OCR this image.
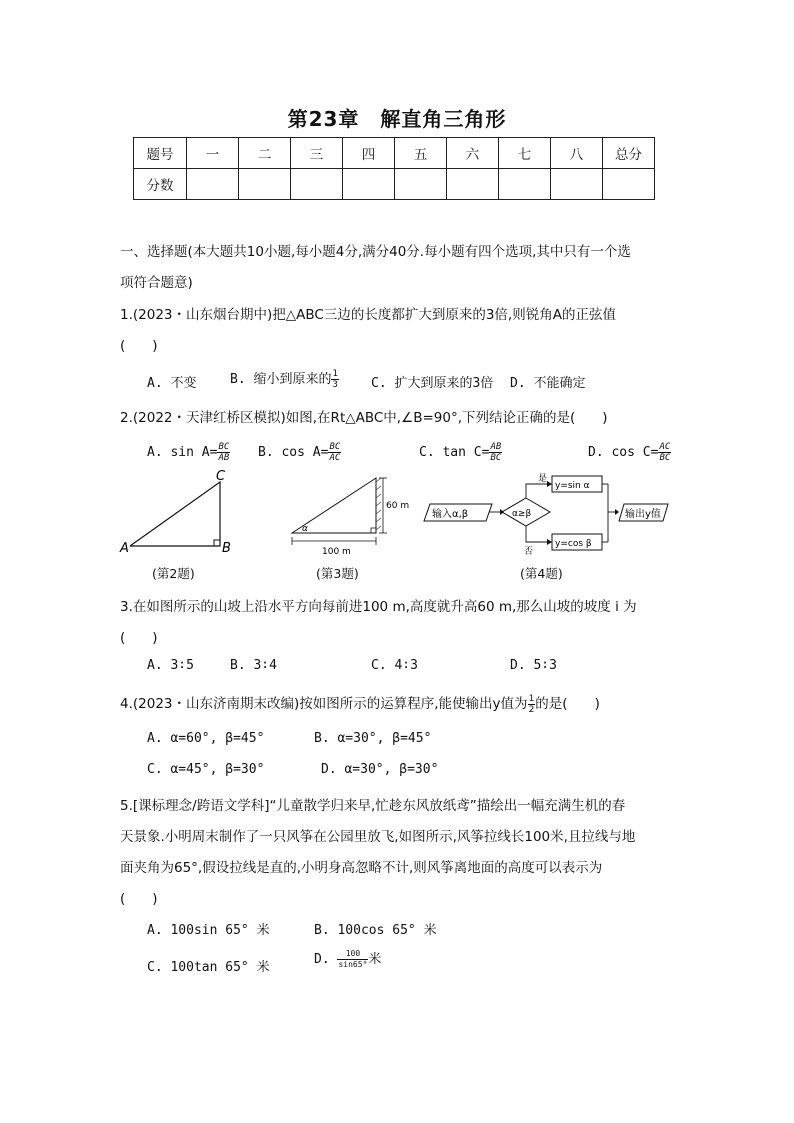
第23章　解直角三角形
题号	一	二	三	四	五	六	七	八	总分
分数									
一、选择题(本大题共10小题,每小题4分,满分40分.每小题有四个选项,其中只有一个选
项符合题意)
1.(2023・山东烟台期中)把△ABC三边的长度都扩大到原来的3倍,则锐角A的正弦值
(　　)
A. 不变	B. 缩小到原来的 $\frac{1}{3} C$. 扩大到原来的3倍 D. 不能确定
2.(2022・天津红桥区模拟)如图,在Rt△ABC中,∠B=90°,下列结论正确的是(　　)
A. $\sin A= \frac{BC}{AB} B$. $\cos A= \frac{BC}{AC}$	C. $\tan C= \frac{AB}{BC}$	D. $\cos C= \frac{AC}{BC}$
A	B
C
(第2题)
60 m
100 m
α
(第3题)
输入α,β	α≥β
是
否
y=sin α
y=cos β
输出y值
(第4题)
3.在如图所示的山坡上沿水平方向每前进100 m,高度就升高60 m,那么山坡的坡度 i 为
(　　)
A. 3∶5	B. 3∶4	C. 4∶3	D. 5∶3
4.(2023・山东济南期末改编)按如图所示的运算程序,能使输出y值为 $\frac{1}{2}$ 的是(　　)
A. α=60°, β=45°	B. α=30°, β=45°
C. α=45°, β=30°	D. α=30°, β=30°
5.[课标理念/跨语文学科]“儿童散学归来早,忙趁东风放纸鸢”描绘出一幅充满生机的春
天景象.小明周末制作了一只风筝在公园里放飞,如图所示,风筝拉线长100米,且拉线与地
面夹角为65°,假设拉线是直的,小明身高忽略不计,则风筝离地面的高度可以表示为
(　　)
A. 100sin 65° 米	B. 100cos 65° 米
C. 100tan 65° 米
D. $\frac{100}{\sin 65^\circ}$ 米
